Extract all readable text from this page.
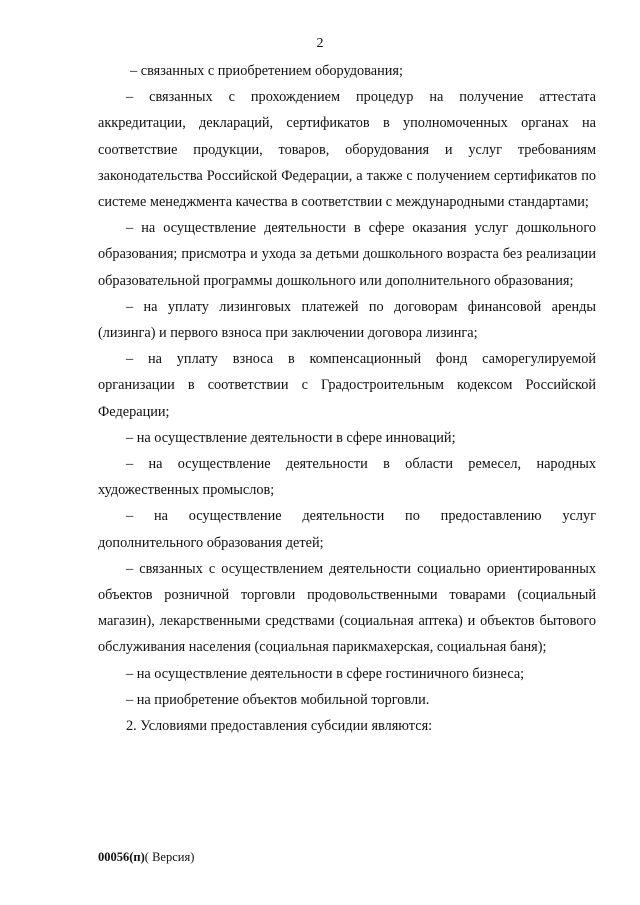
2

– связанных с приобретением оборудования;

– связанных с прохождением процедур на получение аттестата аккредитации, деклараций, сертификатов в уполномоченных органах на соответствие продукции, товаров, оборудования и услуг требованиям законодательства Российской Федерации, а также с получением сертификатов по системе менеджмента качества в соответствии с международными стандартами;

– на осуществление деятельности в сфере оказания услуг дошкольного образования; присмотра и ухода за детьми дошкольного возраста без реализации образовательной программы дошкольного или дополнительного образования;

– на уплату лизинговых платежей по договорам финансовой аренды (лизинга) и первого взноса при заключении договора лизинга;

– на уплату взноса в компенсационный фонд саморегулируемой организации в соответствии с Градостроительным кодексом Российской Федерации;

– на осуществление деятельности в сфере инноваций;

– на осуществление деятельности в области ремесел, народных художественных промыслов;

– на осуществление деятельности по предоставлению услуг дополнительного образования детей;

– связанных с осуществлением деятельности социально ориентированных объектов розничной торговли продовольственными товарами (социальный магазин), лекарственными средствами (социальная аптека) и объектов бытового обслуживания населения (социальная парикмахерская, социальная баня);

– на осуществление деятельности в сфере гостиничного бизнеса;

– на приобретение объектов мобильной торговли.

2. Условиями предоставления субсидии являются:

00056(п)( Версия)
